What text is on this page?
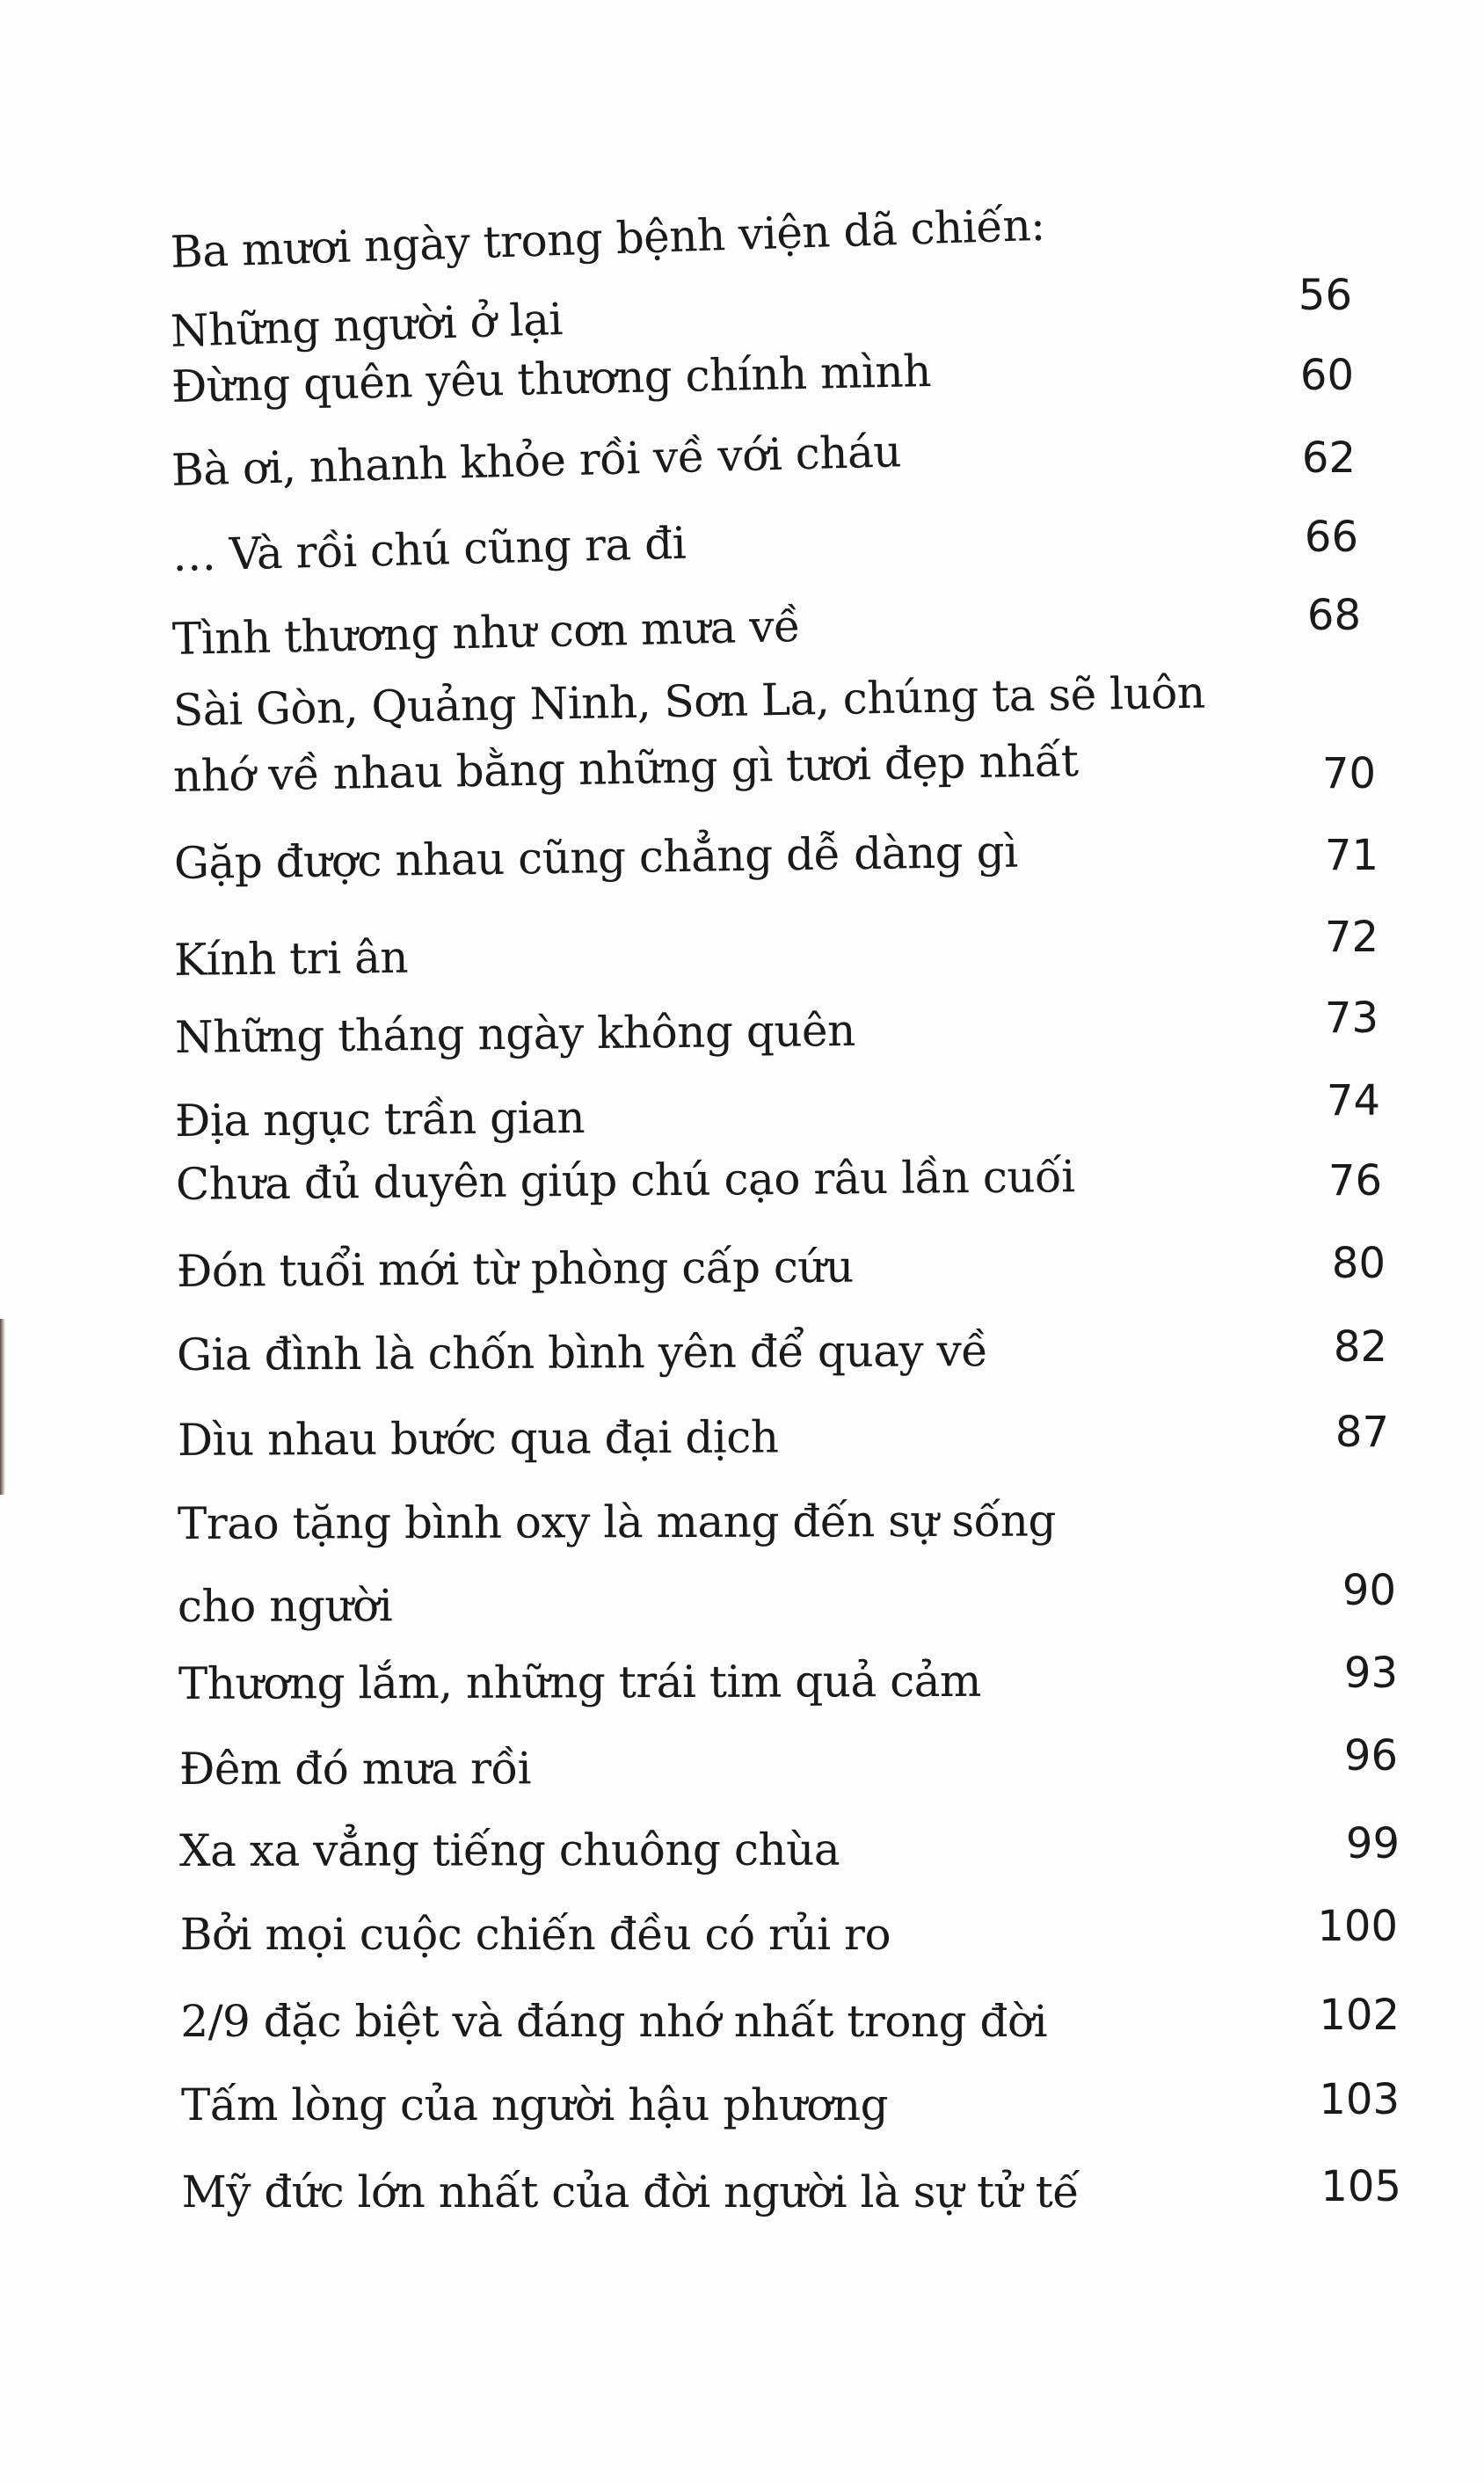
Ba mươi ngày trong bệnh viện dã chiến:
Những người ở lại	56
Đừng quên yêu thương chính mình	60
Bà ơi, nhanh khỏe rồi về với cháu	62
… Và rồi chú cũng ra đi	66
Tình thương như cơn mưa về	68
Sài Gòn, Quảng Ninh, Sơn La, chúng ta sẽ luôn
nhớ về nhau bằng những gì tươi đẹp nhất	70
Gặp được nhau cũng chẳng dễ dàng gì	71
Kính tri ân	72
Những tháng ngày không quên	73
Địa ngục trần gian	74
Chưa đủ duyên giúp chú cạo râu lần cuối	76
Đón tuổi mới từ phòng cấp cứu	80
Gia đình là chốn bình yên để quay về	82
Dìu nhau bước qua đại dịch	87
Trao tặng bình oxy là mang đến sự sống
cho người	90
Thương lắm, những trái tim quả cảm	93
Đêm đó mưa rồi	96
Xa xa vẳng tiếng chuông chùa	99
Bởi mọi cuộc chiến đều có rủi ro	100
2/9 đặc biệt và đáng nhớ nhất trong đời	102
Tấm lòng của người hậu phương	103
Mỹ đức lớn nhất của đời người là sự tử tế	105
